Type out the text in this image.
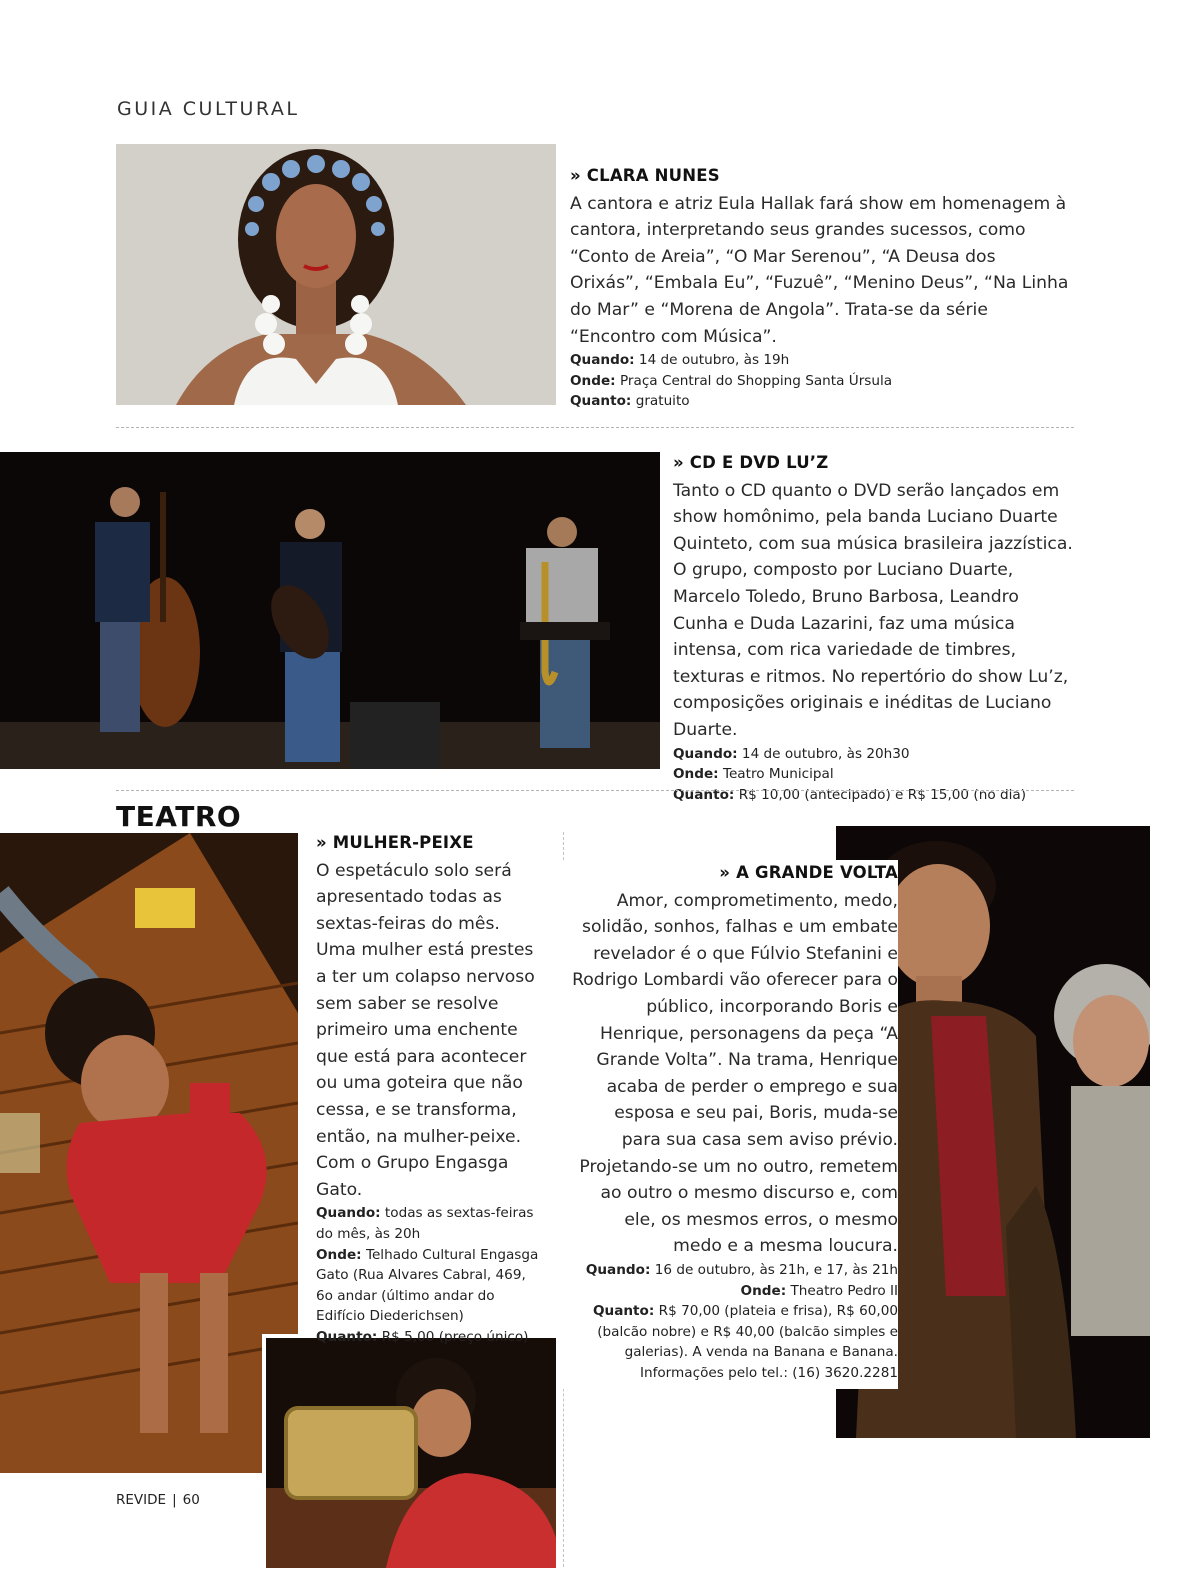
GUIA CULTURAL
» CLARA NUNES

A cantora e atriz Eula Hallak fará show em homenagem à cantora, interpretando seus grandes sucessos, como “Conto de Areia”, “O Mar Serenou”, “A Deusa dos Orixás”, “Embala Eu”, “Fuzuê”, “Menino Deus”, “Na Linha do Mar” e “Morena de Angola”. Trata-se da série “Encontro com Música”.

Quando: 14 de outubro, às 19h
Onde: Praça Central do Shopping Santa Úrsula
Quanto: gratuito
» CD E DVD LU’Z

Tanto o CD quanto o DVD serão lançados em show homônimo, pela banda Luciano Duarte Quinteto, com sua música brasileira jazzística. O grupo, composto por Luciano Duarte, Marcelo Toledo, Bruno Barbosa, Leandro Cunha e Duda Lazarini, faz uma música intensa, com rica variedade de timbres, texturas e ritmos. No repertório do show Lu’z, composições originais e inéditas de Luciano Duarte.

Quando: 14 de outubro, às 20h30
Onde: Teatro Municipal
Quanto: R$ 10,00 (antecipado) e R$ 15,00 (no dia)
TEATRO
» MULHER-PEIXE

O espetáculo solo será apresentado todas as sextas-feiras do mês. Uma mulher está prestes a ter um colapso nervoso sem saber se resolve primeiro uma enchente que está para acontecer ou uma goteira que não cessa, e se transforma, então, na mulher-peixe. Com o Grupo Engasga Gato.

Quando: todas as sextas-feiras do mês, às 20h
Onde: Telhado Cultural Engasga Gato (Rua Alvares Cabral, 469, 6o andar (último andar do Edifício Diederichsen)
Quanto: R$ 5,00 (preço único)
» A GRANDE VOLTA

Amor, comprometimento, medo, solidão, sonhos, falhas e um embate revelador é o que Fúlvio Stefanini e Rodrigo Lombardi vão oferecer para o público, incorporando Boris e Henrique, personagens da peça “A Grande Volta”. Na trama, Henrique acaba de perder o emprego e sua esposa e seu pai, Boris, muda-se para sua casa sem aviso prévio. Projetando-se um no outro, remetem ao outro o mesmo discurso e, com ele, os mesmos erros, o mesmo medo e a mesma loucura.

Quando: 16 de outubro, às 21h, e 17, às 21h
Onde: Theatro Pedro II
Quanto: R$ 70,00 (plateia e frisa), R$ 60,00 (balcão nobre) e R$ 40,00 (balcão simples e galerias). A venda na Banana e Banana.
Informações pelo tel.: (16) 3620.2281
REVIDE | 60
